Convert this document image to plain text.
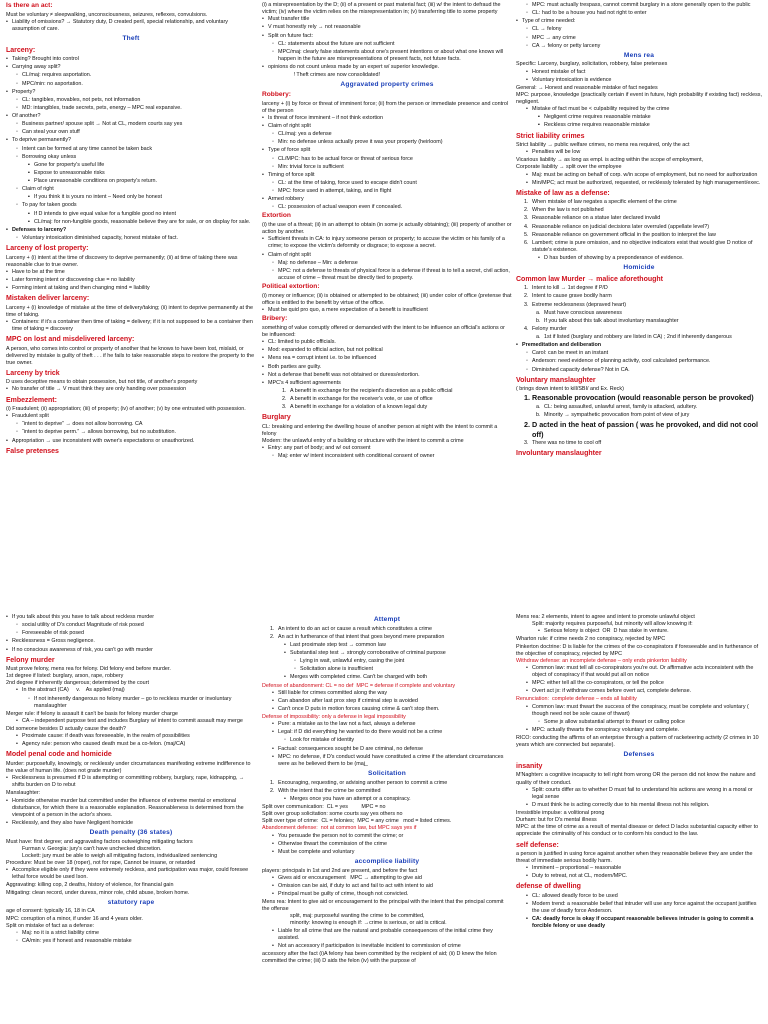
Is there an act:
Must be voluntary ≠ sleepwalking, unconsciousness, seizures, reflexes, convulsions.
• Liability of omissions? → Statutory duty, D created peril, special relationship, and voluntary assumption of care.
Theft
Larceny:
• Taking? Brought into control
• Carrying away split?
◦ CL/maj: requires asportation.
◦ MPC/min: no asportation.
• Property?
◦ CL: tangibles, movables, not pets, not information
◦ MD: intangibles, trade secrets, pets, energy – MPC real expansive.
• Of another?
◦ Business partner/ spouse split → Not at CL, modern courts say yes
◦ Can steal your own stuff
• To deprive permanently?
◦ Intent can be formed at any time cannot be taken back
◦ Borrowing okay unless
▪ Gone for property's useful life
▪ Expose to unreasonable risks
▪ Place unreasonable conditions on property's return.
◦ Claim of right
▪ If you think it is yours no intent – Need only be honest
◦ To pay for taken goods
▪ If D intends to give equal value for a fungible good no intent
▪ CL/maj: for non-fungible goods, reasonable believe they are for sale, or on display for sale.
• Defenses to larceny?
◦ Voluntary intoxication diminished capacity, honest mistake of fact.
Larceny of lost property:
Larceny + (i) intent at the time of discovery to deprive permanently; (ii) at time of taking there was reasonable clue to true owner.
• Have to be at the time
• Later forming intent or discovering clue = no liability
• Forming intent at taking and then changing mind = liability
Mistaken deliver larceny:
Larceny + (i) knowledge of mistake at the time of delivery/taking; (ii) intent to deprive permanently at the time of taking.
• Containers: if it's a container then time of taking = delivery; if it is not supposed to be a container then time of taking = discovery
MPC on lost and misdelivered larceny:
A person, who comes into control or property of another that he knows to have been lost, mislaid, or delivered by mistake is guilty of theft . . . if he fails to take reasonable steps to restore the property to the true owner.
Larceny by trick
D uses deceptive means to obtain possession, but not title, of another's property
• No transfer of title → V must think they are only handing over possession
Embezzlement:
(i) Fraudulent; (ii) appropriation; (iii) of property; (iv) of another; (v) by one entrusted with possession.
• Fraudulent split
◦ “intent to deprive” → does not allow borrowing. CA
◦ “intent to deprive perm.” → allows borrowing, but no substitution.
• Appropriation → use inconsistent with owner's expectations or unauthorized.
False pretenses
(i) a misrepresentation by the D; (ii) of a present or past material fact; (iii) w/ the intent to defraud the victim; (iv) where the victim relies on the misrepresentation in; (v) transferring title to some property
• Must transfer title
• V must honestly rely → not reasonable
• Split on future fact:
◦ CL: statements about the future are not sufficient
◦ MPC/maj: clearly false statements about one's present intentions or about what one knows will happen in the future are misrepresentations of present facts, not future facts.
• opinions do not count unless made by an expert w/ superior knowledge.
! Theft crimes are now consolidated!
Aggravated property crimes
Robbery:
larceny + (i) by force or threat of imminent force; (ii) from the person or immediate presence and control of the person
• Is threat of force imminent – if not think extortion
• Claim of right split
◦ CL/maj: yes a defense
◦ Min: no defense unless actually prove it was your property (heirloom)
• Type of force split
◦ CL/MPC: has to be actual force or threat of serious force
◦ Min: trivial force is sufficient
• Timing of force split
◦ CL: at the time of taking, force used to escape didn't count
◦ MPC: force used in attempt, taking, and in flight
• Armed robbery
◦ CL: possession of actual weapon even if concealed.
Extortion
(i) the use of a threat; (ii) in an attempt to obtain (in some jx actually obtaining); (iii) property of another or action by another.
• Sufficient threats in CA: to injury someone person or property; to accuse the victim or his family of a crime; to expose the victim's deformity or disgrace; to expose a secret.
• Claim of right split
◦ Maj: no defense – Min: a defense
◦ MPC: not a defense to threats of physical force is a defense if threat is to tell a secret, civil action, accuse of crime – threat must be directly tied to property.
Political extortion:
(i) money or influence; (ii) is obtained or attempted to be obtained; (iii) under color of office (pretense that office is entitled to the benefit by virtue of the office.
• Must be quid pro quo, a mere expectation of a benefit is insufficient
Bribery:
something of value corruptly offered or demanded with the intent to be influence an official's actions or be influenced:
• CL: limited to public officials.
• Mod: expanded to official action, but not political
• Mens rea = corrupt intent i.e. to be influenced
• Both parties are guilty.
• Not a defense that benefit was not obtained or duress/extortion.
• MPC's 4 sufficient agreements
1. A benefit in exchange for the recipient's discretion as a public official
2. A benefit in exchange for the receiver's vote, or use of office
3. A benefit in exchange for a violation of a known legal duty
Burglary
CL: breaking and entering the dwelling house of another person at night with the intent to commit a felony
Modern: the unlawful entry of a building or structure with the intent to commit a crime
• Entry: any part of body; and w/ out consent
◦ Maj: enter w/ intent inconsistent with conditional consent of owner
◦ MPC: must actually trespass, cannot commit burglary in a store generally open to the public
◦ CL: had to be a house you had not right to enter
• Type of crime needed:
◦ CL → felony
◦ MPC → any crime
◦ CA → felony or petty larceny
Mens rea
Specific: Larceny, burglary, solicitation, robbery, false pretenses
• Honest mistake of fact
• Voluntary intoxication is evidence
General: → Honest and reasonable mistake of fact negates
MPC: purpose, knowledge (practically certain if event in future, high probability if existing fact) reckless, negligent.
• Mistake of fact must be < culpability required by the crime
▪ Negligent crime requires reasonable mistake
▪ Reckless crime requires reasonable mistake
Strict liability crimes
Strict liability → public welfare crimes, no mens rea required, only the act
• Penalties will be low
Vicarious liability → as long as empl. is acting within the scope of employment,
Corporate liability → split over the employee
• Maj: must be acting on behalf of corp. w/in scope of employment, but no need for authorization
• Min/MPC; act must be authorized, requested, or recklessly tolerated by high management/exec.
Mistake of law as a defense:
1. When mistake of law negates a specific element of the crime
2. When the law is not published
3. Reasonable reliance on a statue later declared invalid
4. Reasonable reliance on judicial decisions later overruled (appellate level?)
5. Reasonable reliance on government official in the position to interpret the law
6. Lambert; crime is pure omission, and no objective indicators exist that would give D notice of statute's existence.
• D has burden of showing by a preponderance of evidence.
Homicide
Common law Murder → malice aforethought
1. Intent to kill → 1st degree if P/D
2. Intent to cause grave bodily harm
3. Extreme recklessness (depraved heart)
a. Must have conscious awareness
b. If you talk about this talk about involuntary manslaughter
4. Felony murder
a. 1st if listed (burglary and robbery are listed in CA) ; 2nd if inherently dangerous
• Premeditation and deliberation
◦ Carol: can be meet in an instant
◦ Anderson: need evidence of planning activity, cool calculated performance.
◦ Diminished capacity defense? Not in CA.
Voluntary manslaughter
( brings down intent to kill/SBI/ and Ex. Reck)
1. Reasonable provocation (would reasonable person be provoked)
a. CL: being assaulted, unlawful arrest, family is attacked, adultery.
b. Minority → sympathetic provocation from point of view of jury
2. D acted in the heat of passion ( was he provoked, and did not cool off)
3. There was no time to cool off
Involuntary manslaughter
• If you talk about this you have to talk about reckless murder
◦ social utility of D's conduct Magnitude of risk posed
◦ Foreseeable of risk posed
• Recklessness = Gross negligence.
• If no conscious awareness of risk, you can't go with murder
Felony murder
Must prove felony, mens rea for felony. Did felony end before murder.
1st degree if listed: burglary, arson, rape, robbery
2nd degree if inherently dangerous; determined by the court
• In the abstract (CA)     v.    As applied (maj)
◦ If not inherently dangerous no felony murder – go to reckless murder or involuntary manslaughter
Merger rule: if felony is assault it can't be basis for felony murder charge
• CA – independent purpose test and includes Burglary w/ intent to commit assault may merge
Did someone besides D actually cause the death?
• Proximate cause: if death was foreseeable, in the realm of possibilities
• Agency rule: person who caused death must be a co-felon. (maj/CA)
Model penal code and homicide
Murder: purposefully, knowingly, or recklessly under circumstances manifesting extreme indifference to the value of human life. (does not grade murder)
• Recklessness is presumed if D is attempting or committing robbery, burglary, rape, kidnapping, → shifts burden on D to rebut
Manslaughter:
• Homicide otherwise murder but committed under the influence of extreme mental or emotional disturbance, for which there is a reasonable explanation. Reasonableness is determined from the viewpoint of a person in the actor's shoes.
• Recklessly, and they also have Negligent homicide
Death penalty (36 states)
Must have: first degree; and aggravating factors outweighing mitigating factors
Furman v. Georgia: jury's can't have unchecked discretion.
Lockett: jury must be able to weigh all mitigating factors, individualized sentencing
Procedure: Must be over 18 (roper), not for rape, Cannot be insane, or retarded
• Accomplice eligible only if they were extremely reckless, and participation was major, could foresee lethal force would be used Ison.
Aggravating: killing cop, 2 deaths, history of violence, for financial gain
Mitigating: clean record, under duress, minor role, child abuse, broken home.
statutory rape
age of consent: typically 16, 18 in CA
MPC: corruption of a minor, if under 16 and 4 years older.
Split on mistake of fact as a defense:
◦ Maj: no it is a strict liability crime
◦ CA/min: yes if honest and reasonable mistake
Attempt
1. An intent to do an act or cause a result which constitutes a crime
2. An act in furtherance of that intent that goes beyond mere preparation
• Last proximate step test → common law
• Substantial step test → strongly corroborative of criminal purpose
◦ Lying in wait, unlawful entry, casing the joint
◦ Solicitation alone is insufficient
• Merges with completed crime. Can't be charged with both
Defense of abandonment: CL = no def  MPC = defense if complete and voluntary
• Still liable for crimes committed along the way
• Can abandon after last prox step if criminal step is avoided
• Can't once D puts in motion forces causing crime & can't stop them.
Defense of impossibility: only a defense in legal impossibility
• Pure: a mistake as to the law not a fact, always a defense
• Legal: if D did everything he wanted to do there would not be a crime
◦ Look for mistake of identity
• Factual: consequences sought be D are criminal, no defense
• MPC: no defense, if D's conduct would have constituted a crime if the attendant circumstances were as he believed them to be (maj_
Solicitation
1. Encouraging, requesting, or advising another person to commit a crime
2. With the intent that the crime be committed
• Merges once you have an attempt or a conspiracy.
Split over communication:  CL = yes         MPC = no
Split over group solicitation: some courts say yes others no
Split over type of crime:  CL = felonies;  MPC = any crime   mod = listed crimes.
Abandonment defense:  not at common law, but MPC says yes if
• You persuade the person not to commit the crime; or
• Otherwise thwart the commission of the crime
• Must be complete and voluntary
accomplice liability
players: principals in 1st and 2nd are present, and before the fact
• Gives aid or encouragement   MPC → attempting to give aid
• Omission can be aid, if duty to act and fail to act with intent to aid
• Principal must be guilty of crime, though not convicted.
Mens rea: Intent to give aid or encouragement to the principal with the intent that the principal commit the offense
split, maj: purposeful wanting the crime to be committed,
minority: knowing is enough if: →crime is serious, or aid is critical.
• Liable for all crime that are the natural and probable consequences of the initial crime they assisted.
• Not an accessory if participation is inevitable incident to commission of crime
accessory after the fact (i)A felony has been committed by the recipient of aid; (ii) D knew the felon committed the crime; (iii) D aids the felon (iv) with the purpose of
Mens rea: 2 elements, intent to agree and intent to promote unlawful object
Split: majority requires purposeful, but minority will allow knowing if:
• Serious felony is object  OR  D has stake in venture.
Wharton rule: if crime needs 2 no conspiracy, rejected by MPC
Pinkerton doctrine: D is liable for the crimes of the co-conspirators if foreseeable and in furtherance of the objective of conspiracy, rejected by MPC
Withdraw defense: an incomplete defense – only ends pinkerton liability
• Common law: must tell all co-conspirators you're out. Or affirmative acts inconsistent with the object of conspiracy if that would put all on notice
• MPC: either tell all the co-conspirators, or tell the police
• Overt act jx: if withdraw comes before overt act, complete defense.
Renunciation:  complete defense – ends all liability
• Common law: must thwart the success of the conspiracy, must be complete and voluntary ( though need not be sole cause of thwart)
◦ Some jx allow substantial attempt to thwart or calling police
• MPC: actually thwarts the conspiracy voluntary and complete.
RICO: conducting the affirms of an enterprise through a pattern of racketeering activity (2 crimes in 10 years which are connected but separate).
Defenses
insanity
M'Naghten: a cognitive incapacity to tell right from wrong OR the person did not know the nature and quality of their conduct.
• Split: courts differ as to whether D must fail to understand his actions are wrong in a moral or legal sense
• D must think he is acting correctly due to his mental illness not his religion.
Irresistible impulse: a volitional prong
Durham: but for D's mental illness
MPC: at the time of crime as a result of mental disease or defect D lacks substantial capacity either to appreciate the criminality of his conduct or to conform his conduct to the law.
self defense:
a person is justified in using force against another when they reasonable believe they are under the threat of immediate serious bodily harm.
• Imminent – proportional – reasonable
• Duty to retreat, not at CL, modern/MPC.
defense of dwelling
• CL: allowed deadly force to be used
• Modern trend: a reasonable belief that intruder will use any force against the occupant justifies the use of deadly force Anderson.
• CA: deadly force is okay if occupant reasonable believes intruder is going to commit a forcible felony or use deadly
